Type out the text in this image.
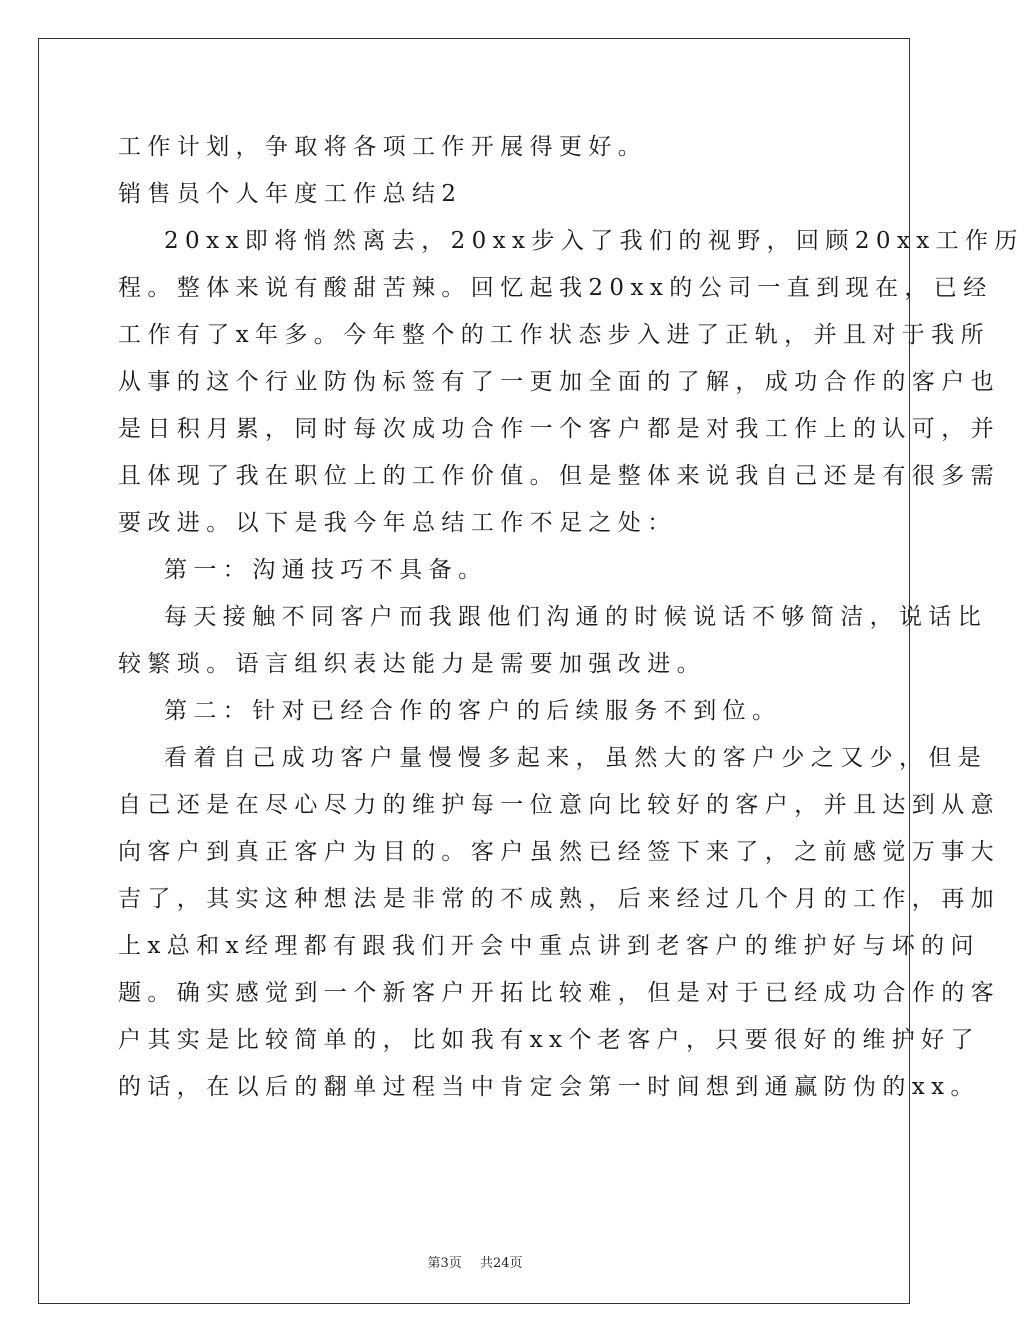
工作计划，争取将各项工作开展得更好。
销售员个人年度工作总结2
20xx即将悄然离去，20xx步入了我们的视野，回顾20xx工作历
程。整体来说有酸甜苦辣。回忆起我20xx的公司一直到现在，已经
工作有了x年多。今年整个的工作状态步入进了正轨，并且对于我所
从事的这个行业防伪标签有了一更加全面的了解，成功合作的客户也
是日积月累，同时每次成功合作一个客户都是对我工作上的认可，并
且体现了我在职位上的工作价值。但是整体来说我自己还是有很多需
要改进。以下是我今年总结工作不足之处：
第一：沟通技巧不具备。
每天接触不同客户而我跟他们沟通的时候说话不够简洁，说话比
较繁琐。语言组织表达能力是需要加强改进。
第二：针对已经合作的客户的后续服务不到位。
看着自己成功客户量慢慢多起来，虽然大的客户少之又少，但是
自己还是在尽心尽力的维护每一位意向比较好的客户，并且达到从意
向客户到真正客户为目的。客户虽然已经签下来了，之前感觉万事大
吉了，其实这种想法是非常的不成熟，后来经过几个月的工作，再加
上x总和x经理都有跟我们开会中重点讲到老客户的维护好与坏的问
题。确实感觉到一个新客户开拓比较难，但是对于已经成功合作的客
户其实是比较简单的，比如我有xx个老客户，只要很好的维护好了
的话，在以后的翻单过程当中肯定会第一时间想到通赢防伪的xx。
第3页 共24页
